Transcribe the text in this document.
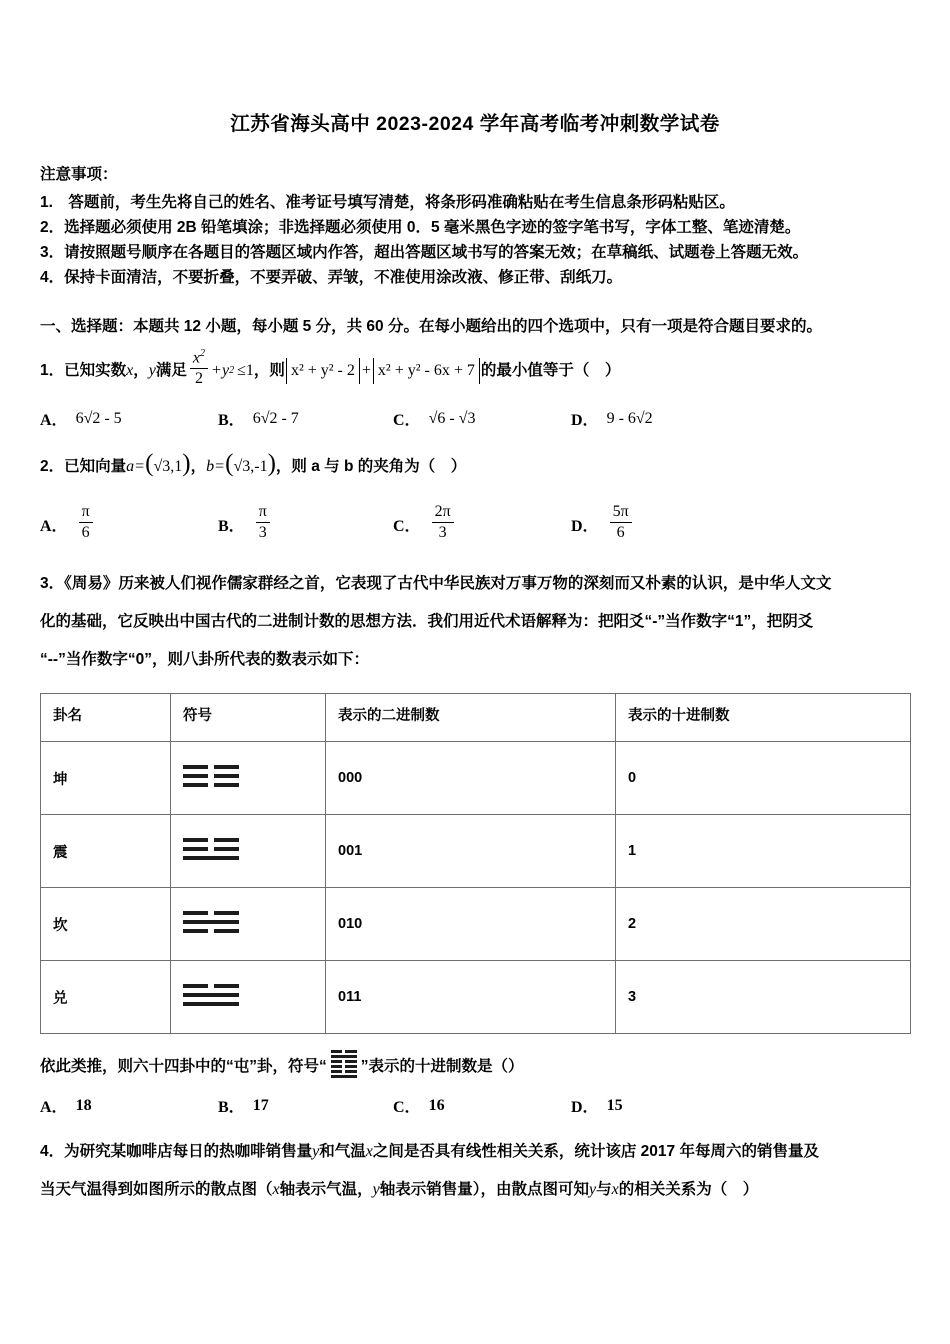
江苏省海头高中 2023-2024 学年高考临考冲刺数学试卷

注意事项：

1.　答题前，考生先将自己的姓名、准考证号填写清楚，将条形码准确粘贴在考生信息条形码粘贴区。

2．选择题必须使用 2B 铅笔填涂；非选择题必须使用 0．5 毫米黑色字迹的签字笔书写，字体工整、笔迹清楚。

3．请按照题号顺序在各题目的答题区域内作答，超出答题区域书写的答案无效；在草稿纸、试题卷上答题无效。

4．保持卡面清洁，不要折叠，不要弄破、弄皱，不准使用涂改液、修正带、刮纸刀。

一、选择题：本题共 12 小题，每小题 5 分，共 60 分。在每小题给出的四个选项中，只有一项是符合题目要求的。

1． 已知实数 x ， y 满足 $\frac{x^2}{2} + y$ 2 ≤1 ，则 x² + y² - 2 + x² + y² - 6x + 7 的最小值等于（　）
A． 6√2 - 5	B． 6√2 - 7	C． √6 - √3	D． 9 - 6√2
2． 已知向量 a = ( √3,1 ) ， b = ( √3,-1 ) ，则 a 与 b 的夹角为（　）
A． $\frac{\pi}{6}$	B． $\frac{\pi}{3}$	C． $\frac{2\pi}{3}$	D． $\frac{5\pi}{6}$

3．《周易》历来被人们视作儒家群经之首，它表现了古代中华民族对万事万物的深刻而又朴素的认识，是中华人文文

化的基础，它反映出中国古代的二进制计数的思想方法．我们用近代术语解释为：把阳爻“-”当作数字“1”，把阴爻

“--”当作数字“0”，则八卦所代表的数表示如下：

卦名	符号	表示的二进制数	表示的十进制数
坤		000	0
震		001	1
坎		010	2
兑		011	3
依此类推，则六十四卦中的“屯”卦，符号“ ”表示的十进制数是（）
A． 18	B． 17	C． 16	D． 15

4．为研究某咖啡店每日的热咖啡销售量y和气温x之间是否具有线性相关关系，统计该店 2017 年每周六的销售量及

当天气温得到如图所示的散点图（x轴表示气温，y轴表示销售量），由散点图可知y与x的相关关系为（　）
